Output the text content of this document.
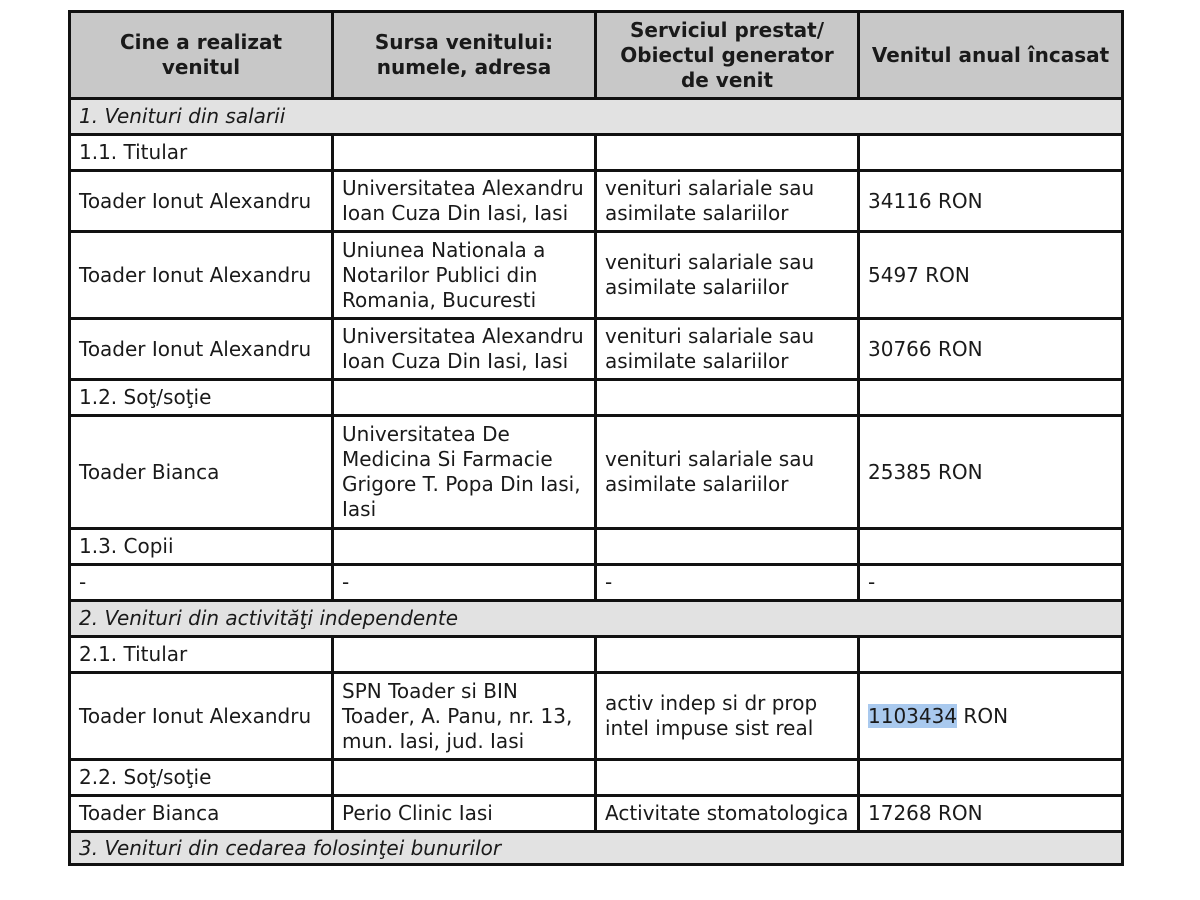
Cine a realizat venitul	Sursa venitului: numele, adresa	Serviciul prestat/ Obiectul generator de venit	Venitul anual încasat
1. Venituri din salarii			
1.1. Titular			
Toader Ionut Alexandru	Universitatea Alexandru Ioan Cuza Din Iasi, Iasi	venituri salariale sau asimilate salariilor	34116 RON
Toader Ionut Alexandru	Uniunea Nationala a Notarilor Publici din Romania, Bucuresti	venituri salariale sau asimilate salariilor	5497 RON
Toader Ionut Alexandru	Universitatea Alexandru Ioan Cuza Din Iasi, Iasi	venituri salariale sau asimilate salariilor	30766 RON
1.2. Soţ/soţie			
Toader Bianca	Universitatea De Medicina Si Farmacie Grigore T. Popa Din Iasi, Iasi	venituri salariale sau asimilate salariilor	25385 RON
1.3. Copii			
-	-	-	-
2. Venituri din activităţi independente			
2.1. Titular			
Toader Ionut Alexandru	SPN Toader si BIN Toader, A. Panu, nr. 13, mun. Iasi, jud. Iasi	activ indep si dr prop intel impuse sist real	1103434 RON
2.2. Soţ/soţie			
Toader Bianca	Perio Clinic Iasi	Activitate stomatologica	17268 RON
3. Venituri din cedarea folosinţei bunurilor			
